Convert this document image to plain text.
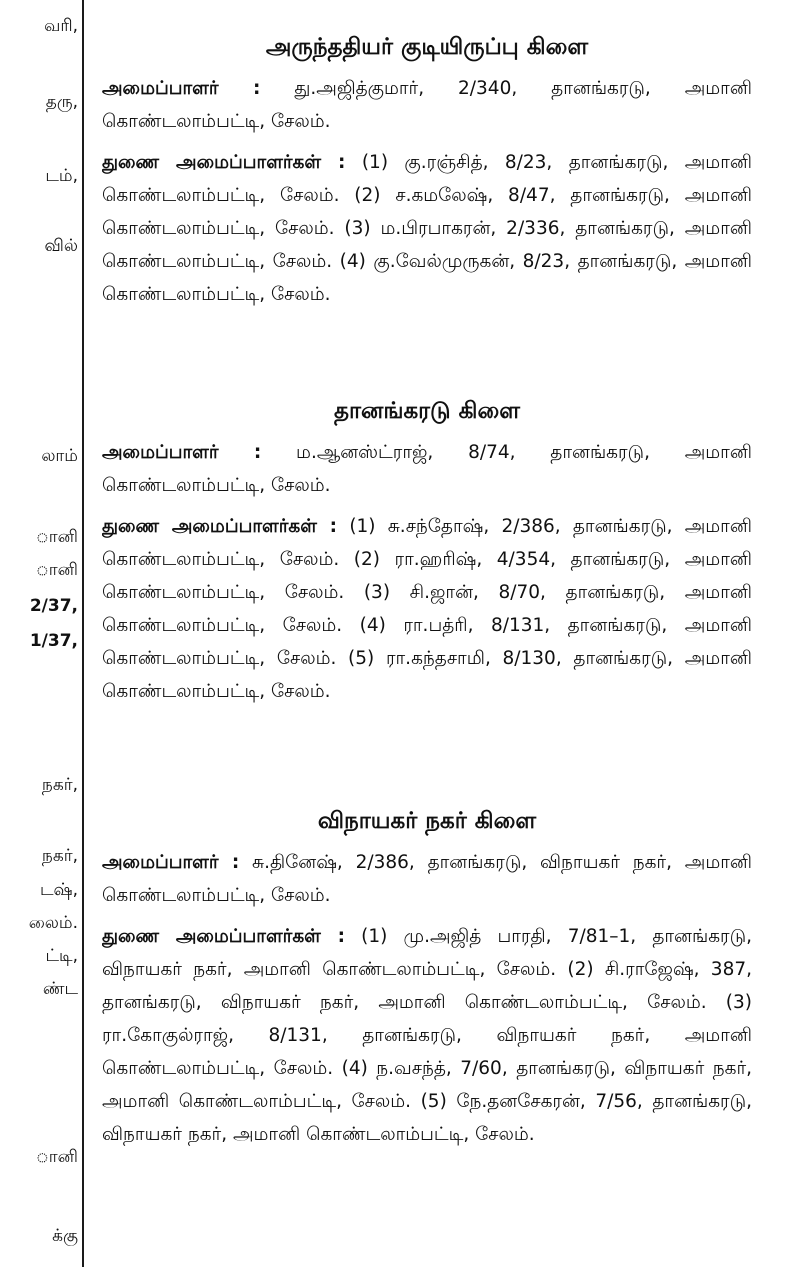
வரி,
தரு,
டம்,
வில்
லாம்
ானி
ானி
2/37,
1/37,
நகர்,
நகர்,
டஷ்,
லைம்.
ட்டி,
ண்ட
ானி
க்கு
அருந்ததியர் குடியிருப்பு கிளை

அமைப்பாளர் : து.அஜித்குமார், 2/340, தானங்கரடு, அமானி கொண்டலாம்பட்டி, சேலம்.

துணை அமைப்பாளர்கள் : (1) கு.ரஞ்சித், 8/23, தானங்கரடு, அமானி கொண்டலாம்பட்டி, சேலம். (2) ச.கமலேஷ், 8/47, தானங்கரடு, அமானி கொண்டலாம்பட்டி, சேலம். (3) ம.பிரபாகரன், 2/336, தானங்கரடு, அமானி கொண்டலாம்பட்டி, சேலம். (4) கு.வேல்முருகன், 8/23, தானங்கரடு, அமானி கொண்டலாம்பட்டி, சேலம்.

தானங்கரடு கிளை

அமைப்பாளர் : ம.ஆனஸ்ட்ராஜ், 8/74, தானங்கரடு, அமானி கொண்டலாம்பட்டி, சேலம்.

துணை அமைப்பாளர்கள் : (1) சு.சந்தோஷ், 2/386, தானங்கரடு, அமானி கொண்டலாம்பட்டி, சேலம். (2) ரா.ஹரிஷ், 4/354, தானங்கரடு, அமானி கொண்டலாம்பட்டி, சேலம். (3) சி.ஜான், 8/70, தானங்கரடு, அமானி கொண்டலாம்பட்டி, சேலம். (4) ரா.பத்ரி, 8/131, தானங்கரடு, அமானி கொண்டலாம்பட்டி, சேலம். (5) ரா.கந்தசாமி, 8/130, தானங்கரடு, அமானி கொண்டலாம்பட்டி, சேலம்.

விநாயகர் நகர் கிளை

அமைப்பாளர் : சு.தினேஷ், 2/386, தானங்கரடு, விநாயகர் நகர், அமானி கொண்டலாம்பட்டி, சேலம்.

துணை அமைப்பாளர்கள் : (1) மு.அஜித் பாரதி, 7/81–1, தானங்கரடு, விநாயகர் நகர், அமானி கொண்டலாம்பட்டி, சேலம். (2) சி.ராஜேஷ், 387, தானங்கரடு, விநாயகர் நகர், அமானி கொண்டலாம்பட்டி, சேலம். (3) ரா.கோகுல்ராஜ், 8/131, தானங்கரடு, விநாயகர் நகர், அமானி கொண்டலாம்பட்டி, சேலம். (4) ந.வசந்த், 7/60, தானங்கரடு, விநாயகர் நகர், அமானி கொண்டலாம்பட்டி, சேலம். (5) நே.தனசேகரன், 7/56, தானங்கரடு, விநாயகர் நகர், அமானி கொண்டலாம்பட்டி, சேலம்.
